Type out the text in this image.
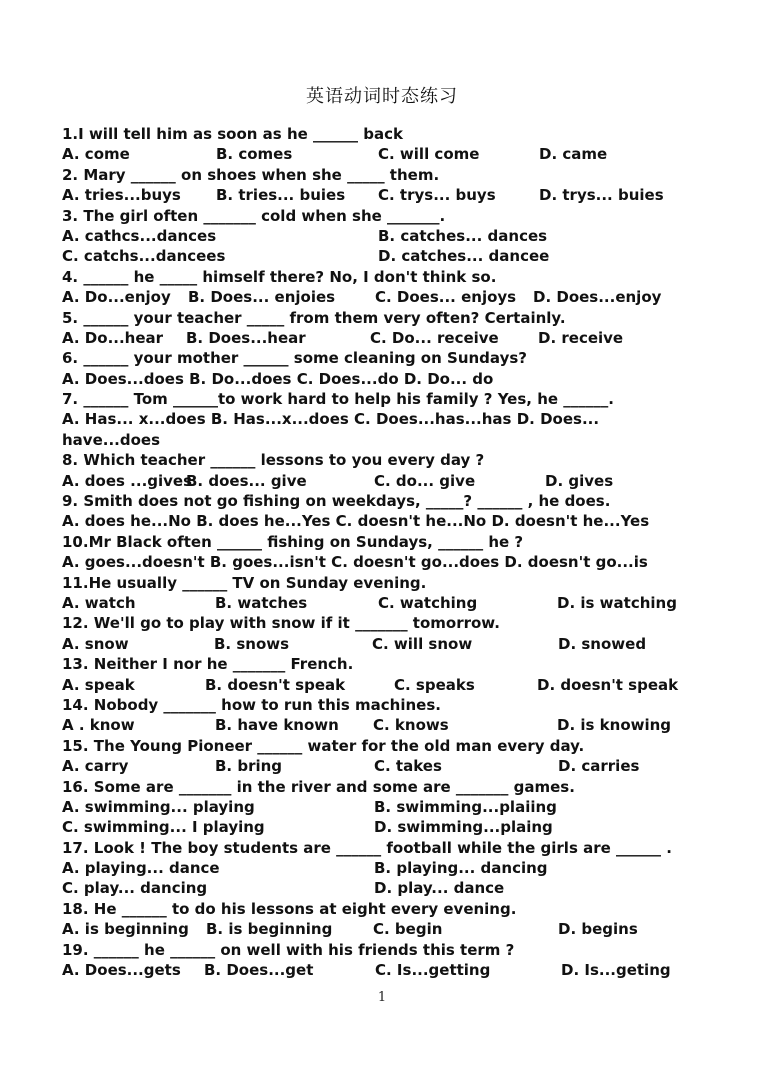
英语动词时态练习
1.I will tell him as soon as he ______ back
A. come	B. comes	C. will come	D. came
2. Mary ______ on shoes when she _____ them.
A. tries...buys B. tries... buies C. trys... buys	D. trys... buies
3. The girl often _______ cold when she _______.
A. cathcs...dances	B. catches... dances
C. catchs...dancees	D. catches... dancee
4. ______ he _____ himself there? No, I don't think so.
A. Do...enjoy B. Does... enjoies	C. Does... enjoys D. Does...enjoy
5. ______ your teacher _____ from them very often? Certainly.
A. Do...hear B. Does...hear	C. Do... receive	D. receive
6. ______ your mother ______ some cleaning on Sundays?
A. Does...does B. Do...does C. Does...do D. Do... do
7. ______ Tom ______to work hard to help his family ? Yes, he ______.
A. Has... x...does B. Has...x...does C. Does...has...has D. Does... have...does
8. Which teacher ______ lessons to you every day ?
A. does ...gives
B. does... give	C. do... give	D. gives
9. Smith does not go fishing on weekdays, _____? ______ , he does.
A. does he...No B. does he...Yes C. doesn't he...No D. doesn't he...Yes
10.Mr Black often ______ fishing on Sundays, ______ he ?
A. goes...doesn't B. goes...isn't C. doesn't go...does D. doesn't go...is
11.He usually ______ TV on Sunday evening.
A. watch	B. watches	C. watching	D. is watching
12. We'll go to play with snow if it _______ tomorrow.
A. snow	B. snows	C. will snow	D. snowed
13. Neither I nor he _______ French.
A. speak	B. doesn't speak	C. speaks	D. doesn't speak
14. Nobody _______ how to run this machines.
A . know	B. have known C. knows	D. is knowing
15. The Young Pioneer ______ water for the old man every day.
A. carry	B. bring	C. takes	D. carries
16. Some are _______ in the river and some are _______ games.
A. swimming... playing	B. swimming...plaiing
C. swimming... I playing	D. swimming...plaing
17. Look ! The boy students are ______ football while the girls are ______ .
A. playing... dance	B. playing... dancing
C. play... dancing	D. play... dance
18. He ______ to do his lessons at eight every evening.
A. is beginning B. is beginning	C. begin	D. begins
19. ______ he ______ on well with his friends this term ?
A. Does...gets B. Does...get	C. Is...getting	D. Is...geting
1
